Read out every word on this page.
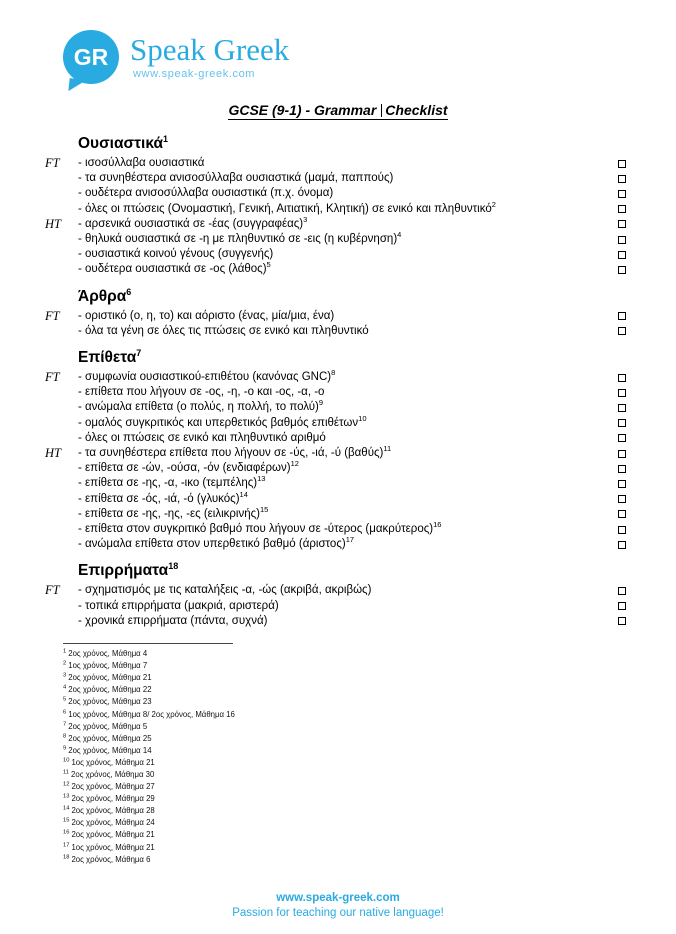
GR Speak Greek
www.speak-greek.com
GCSE (9-1) - Grammar Checklist
Ουσιαστικά$^1$
FT	- ισοσύλλαβα ουσιαστικά
- τα συνηθέστερα ανισοσύλλαβα ουσιαστικά (μαμά, παππούς)
- ουδέτερα ανισοσύλλαβα ουσιαστικά (π.χ. όνομα)
- όλες οι πτώσεις (Ονομαστική, Γενική, Αιτιατική, Κλητική) σε ενικό και πληθυντικό$^2$
HT	- αρσενικά ουσιαστικά σε -έας $(\sigma\upsilon\gamma\gamma\rho\alpha\varphi έ\alpha\varsigma)^3$
- θηλυκά ουσιαστικά σε -η με πληθυντικό σε -εις (η κυβέρνηση)$^4$
- ουσιαστικά κοινού γένους (συγγενής)
- ουδέτερα ουσιαστικά σε -ος $(\lambda ά\theta o\varsigma)^5$
Άρθρα$^6$
FT	- οριστικό (ο, η, το) και αόριστο (ένας, μία/μια, ένα)
- όλα τα γένη σε όλες τις πτώσεις σε ενικό και πληθυντικό
Επίθετα$^7$
FT	- συμφωνία ουσιαστικού-επιθέτου (κανόνας GNC)$^8$
- επίθετα που λήγουν σε -ος, -η, -ο και -ος, -α, -ο
- ανώμαλα επίθετα (ο πολύς, η πολλή, το πολύ)$^9$
- ομαλός συγκριτικός και υπερθετικός βαθμός επιθέτων$^{10}$
- όλες οι πτώσεις σε ενικό και πληθυντικό αριθμό
HT	- τα συνηθέστερα επίθετα που λήγουν σε -ύς, -ιά, -ύ $(\beta\alpha\theta ύ\varsigma)^{11}$
- επίθετα σε -ών, -ούσα, -όν $(\varepsilon\nu\delta\iota\alpha\varphi έ\rho\omega\nu)^{12}$
- επίθετα σε -ης, -α, -ικο $(\tau\varepsilon\mu\pi έ\lambda\eta\varsigma)^{13}$
- επίθετα σε -ός, -ιά, -ό $(\gamma\lambda\upsilon\kappa ό\varsigma)^{14}$
- επίθετα σε -ης, -ης, -ες $(\varepsilon\iota\lambda\iota\kappa\rho\iota\nu ή\varsigma)^{15}$
- επίθετα στον συγκριτικό βαθμό που λήγουν σε -ύτερος $(\mu\alpha\kappa\rho ύ\tau\varepsilon\rho o\varsigma)^{16}$
- ανώμαλα επίθετα στον υπερθετικό βαθμό $(ά\rho\iota\sigma\tau o\varsigma)^{17}$
Επιρρήματα$^{18}$
FT	- σχηματισμός με τις καταλήξεις -α, -ώς (ακριβά, ακριβώς)
- τοπικά επιρρήματα (μακριά, αριστερά)
- χρονικά επιρρήματα (πάντα, συχνά)
$^1$ 2ος χρόνος, Μάθημα 4
$^2$ 1ος χρόνος, Μάθημα 7
$^3$ 2ος χρόνος, Μάθημα 21
$^4$ 2ος χρόνος, Μάθημα 22
$^5$ 2ος χρόνος, Μάθημα 23
$^6$ 1ος χρόνος, Μάθημα 8/ 2ος χρόνος, Μάθημα 16
$^7$ 2ος χρόνος, Μάθημα 5
$^8$ 2ος χρόνος, Μάθημα 25
$^9$ 2ος χρόνος, Μάθημα 14
$^{10}$ 1ος χρόνος, Μάθημα 21
$^{11}$ 2ος χρόνος, Μάθημα 30
$^{12}$ 2ος χρόνος, Μάθημα 27
$^{13}$ 2ος χρόνος, Μάθημα 29
$^{14}$ 2ος χρόνος, Μάθημα 28
$^{15}$ 2ος χρόνος, Μάθημα 24
$^{16}$ 2ος χρόνος, Μάθημα 21
$^{17}$ 1ος χρόνος, Μάθημα 21
$^{18}$ 2ος χρόνος, Μάθημα 6
www.speak-greek.com
Passion for teaching our native language!
